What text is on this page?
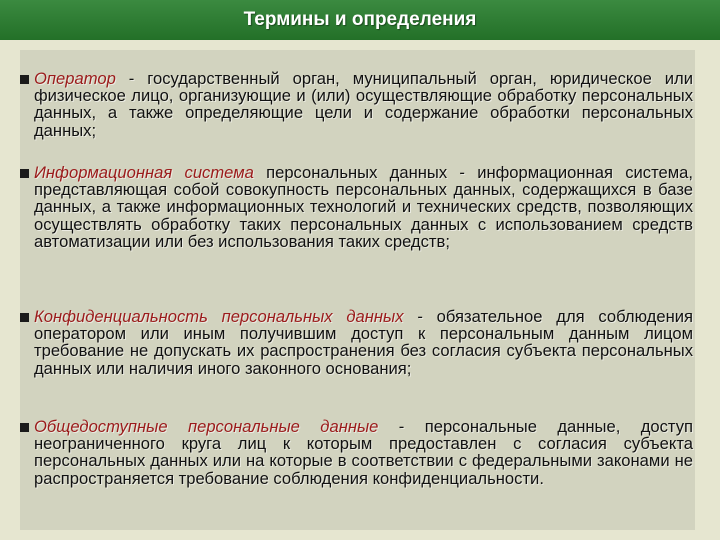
Термины и определения
Оператор - государственный орган, муниципальный орган, юридическое или физическое лицо, организующие и (или) осуществляющие обработку персональных данных, а также определяющие цели и содержание обработки персональных данных;
Информационная система персональных данных - информационная система, представляющая собой совокупность персональных данных, содержащихся в базе данных, а также информационных технологий и технических средств, позволяющих осуществлять обработку таких персональных данных с использованием средств автоматизации или без использования таких средств;
Конфиденциальность персональных данных - обязательное для соблюдения оператором или иным получившим доступ к персональным данным лицом требование не допускать их распространения без согласия субъекта персональных данных или наличия иного законного основания;
Общедоступные персональные данные - персональные данные, доступ неограниченного круга лиц к которым предоставлен с согласия субъекта персональных данных или на которые в соответствии с федеральными законами не распространяется требование соблюдения конфиденциальности.
